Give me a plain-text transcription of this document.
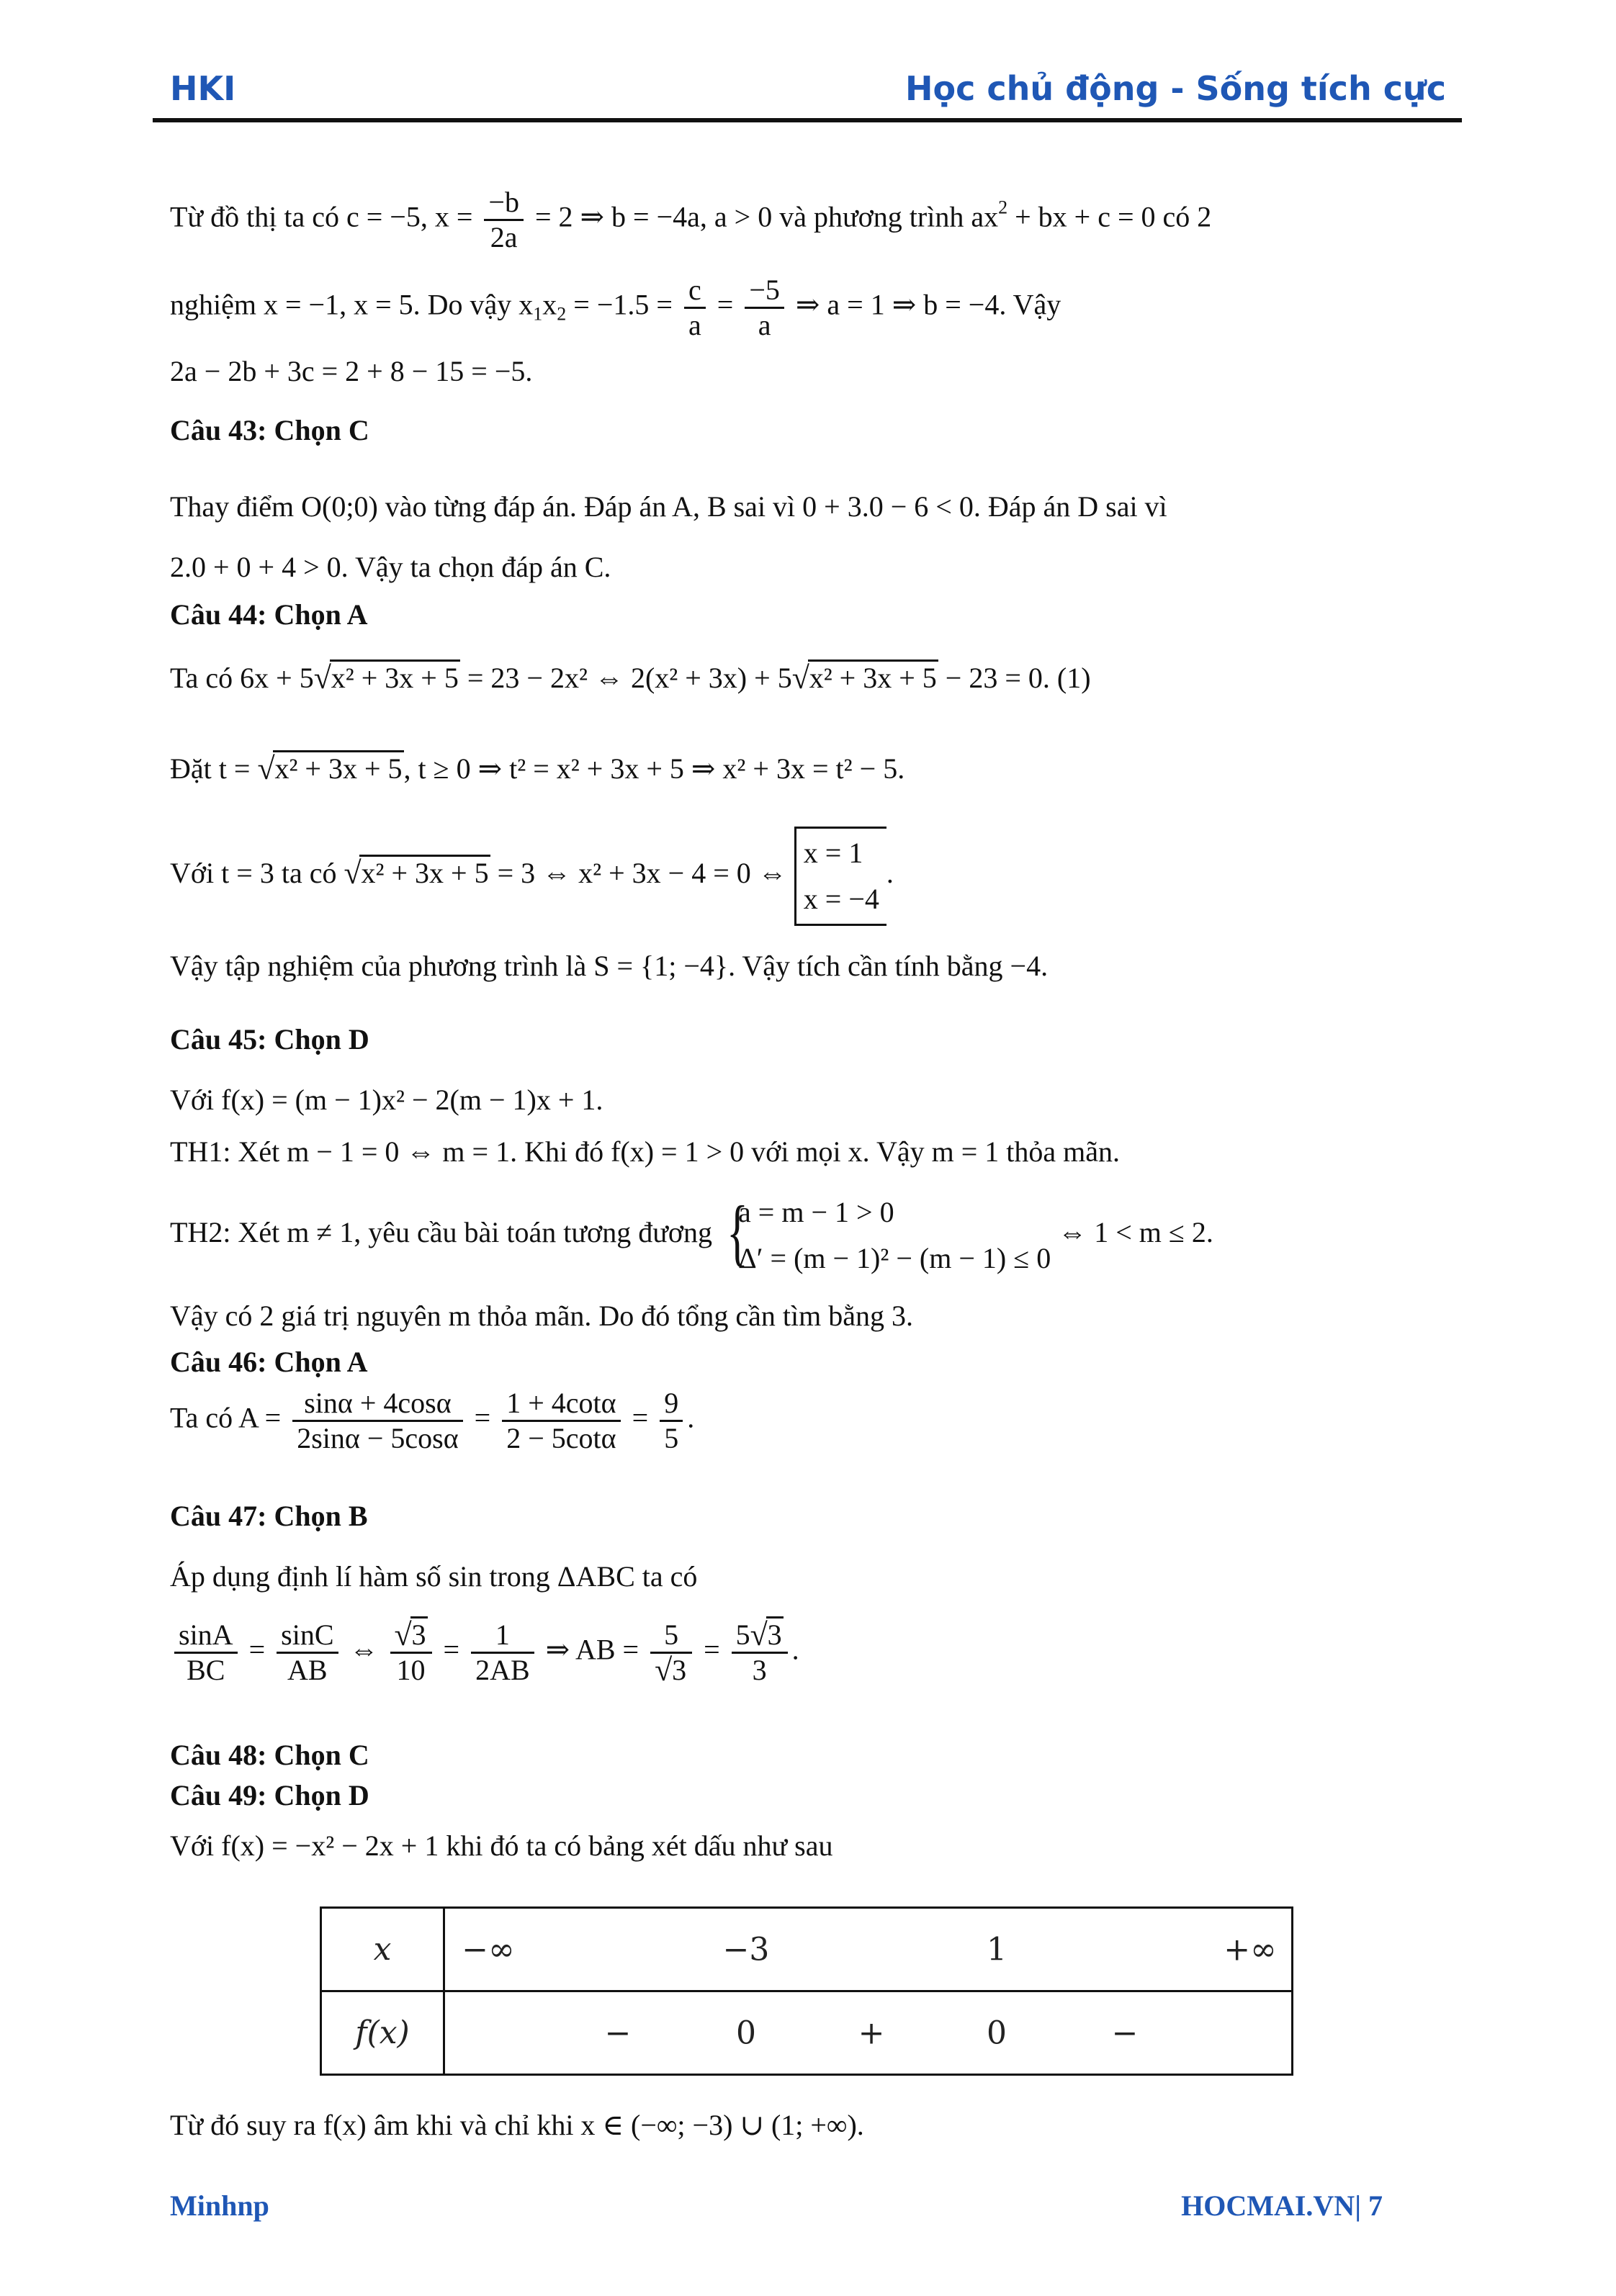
HKI	Học chủ động - Sống tích cực
Từ đồ thị ta có c = −5, $x = \frac{-b}{2a} = 2$ ⇒ b = −4a, a > 0 và phương trình $ax^2$ + bx + c = 0 có 2
nghiệm x = −1, x = 5. Do vậy $x_1x_2 = -1.5 = \frac{c}{a} = \frac{-5}{a}$ ⇒ a = 1 ⇒ b = −4. Vậy
2a − 2b + 3c = 2 + 8 − 15 = −5.
Câu 43: Chọn C
Thay điểm O(0;0) vào từng đáp án. Đáp án A, B sai vì 0 + 3.0 − 6 < 0. Đáp án D sai vì
2.0 + 0 + 4 > 0. Vậy ta chọn đáp án C.
Câu 44: Chọn A
Ta có 6x + 5 √ x² + 3x + 5 = 23 − 2x² ⇔ 2(x² + 3x) + 5 √ x² + 3x + 5 − 23 = 0. (1)
Đặt t = √ x² + 3x + 5, t ≥ 0 ⇒ t² = x² + 3x + 5 ⇒ x² + 3x = t² − 5.
Với t = 3 ta có √ x² + 3x + 5 = 3 ⇔ x² + 3x − 4 = 0 ⇔
x = 1
x = −4
.
Vậy tập nghiệm của phương trình là S = {1; −4}. Vậy tích cần tính bằng −4.
Câu 45: Chọn D
Với f(x) = (m − 1)x² − 2(m − 1)x + 1.
TH1: Xét m − 1 = 0 ⇔ m = 1. Khi đó f(x) = 1 > 0 với mọi x. Vậy m = 1 thỏa mãn.
TH2: Xét m ≠ 1, yêu cầu bài toán tương đương
{ a = m − 1 > 0
Δ′ = (m − 1)² − (m − 1) ≤ 0
⇔ 1 < m ≤ 2.
Vậy có 2 giá trị nguyên m thỏa mãn. Do đó tổng cần tìm bằng 3.
Câu 46: Chọn A
Ta có $A = \frac{\sin\alpha + 4\cos\alpha}{2\sin\alpha - 5\cos\alpha} = \frac{1 + 4\cot\alpha}{2 - 5\cot\alpha} = \frac{9}{5}$ .
Câu 47: Chọn B
Áp dụng định lí hàm số sin trong ΔABC ta có
$\frac{\sin A}{BC} = \frac{\sin C}{AB}$ ⇔ √ $\frac{3}{10} = \frac{1}{2AB}$ ⇒ AB = 5
√ $3 = \frac{5 √ 3}{3}$ .
Câu 48: Chọn C
Câu 49: Chọn D
Với f(x) = −x² − 2x + 1 khi đó ta có bảng xét dấu như sau
x	−∞ −3 1 +∞

f(x)	− 0 + 0 −
Từ đó suy ra f(x) âm khi và chỉ khi x ∈ (−∞; −3) ∪ (1; +∞).
Minhnp	HOCMAI.VN| 7
